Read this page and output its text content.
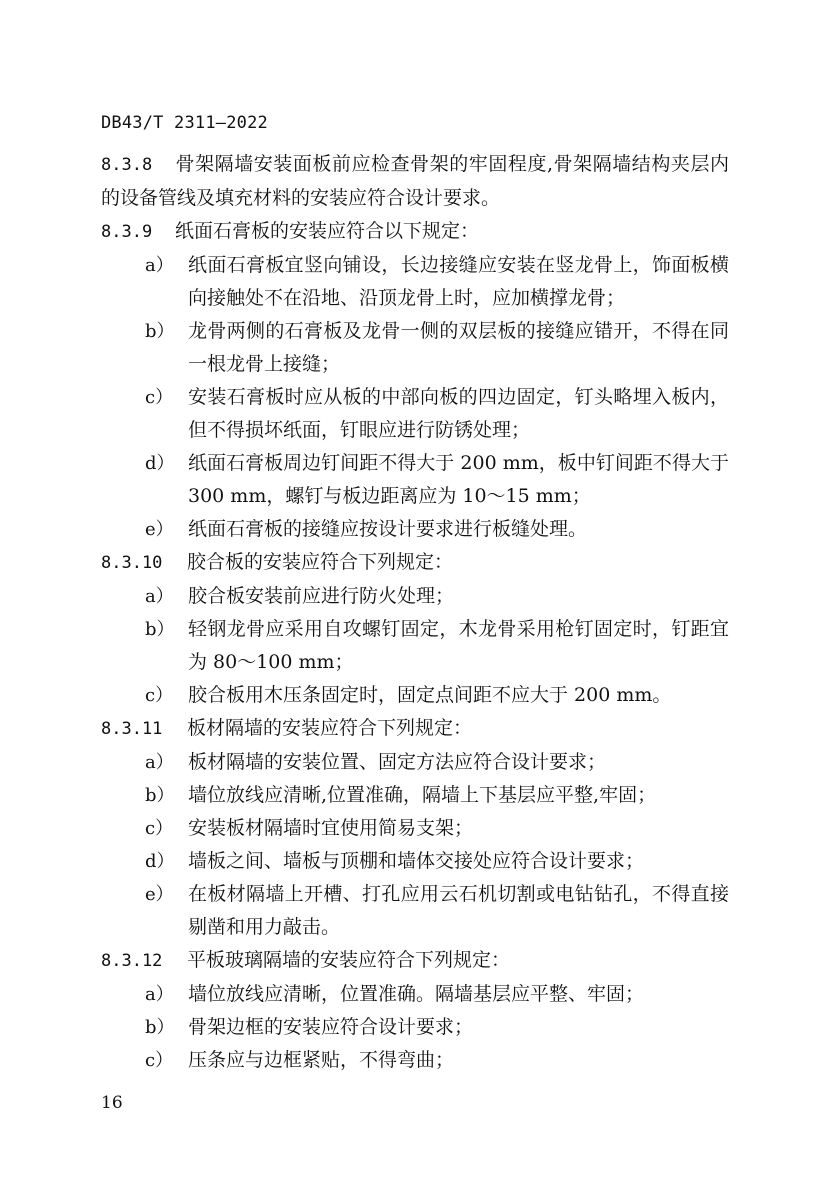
DB43/T 2311—2022

8.3.8 骨架隔墙安装面板前应检查骨架的牢固程度,骨架隔墙结构夹层内的设备管线及填充材料的安装应符合设计要求。

8.3.9 纸面石膏板的安装应符合以下规定：

a） 纸面石膏板宜竖向铺设，长边接缝应安装在竖龙骨上，饰面板横向接触处不在沿地、沿顶龙骨上时，应加横撑龙骨；

b） 龙骨两侧的石膏板及龙骨一侧的双层板的接缝应错开，不得在同一根龙骨上接缝；

c） 安装石膏板时应从板的中部向板的四边固定，钉头略埋入板内，但不得损坏纸面，钉眼应进行防锈处理；

d） 纸面石膏板周边钉间距不得大于 200 mm，板中钉间距不得大于 300 mm，螺钉与板边距离应为 10～15 mm；

e） 纸面石膏板的接缝应按设计要求进行板缝处理。

8.3.10 胶合板的安装应符合下列规定：

a） 胶合板安装前应进行防火处理；

b） 轻钢龙骨应采用自攻螺钉固定，木龙骨采用枪钉固定时，钉距宜为 80～100 mm；

c） 胶合板用木压条固定时，固定点间距不应大于 200 mm。

8.3.11 板材隔墙的安装应符合下列规定：

a） 板材隔墙的安装位置、固定方法应符合设计要求；

b） 墙位放线应清晰,位置准确，隔墙上下基层应平整,牢固；

c） 安装板材隔墙时宜使用简易支架；

d） 墙板之间、墙板与顶棚和墙体交接处应符合设计要求；

e） 在板材隔墙上开槽、打孔应用云石机切割或电钻钻孔，不得直接剔凿和用力敲击。

8.3.12 平板玻璃隔墙的安装应符合下列规定：

a） 墙位放线应清晰，位置准确。隔墙基层应平整、牢固；

b） 骨架边框的安装应符合设计要求；

c） 压条应与边框紧贴，不得弯曲；

16
